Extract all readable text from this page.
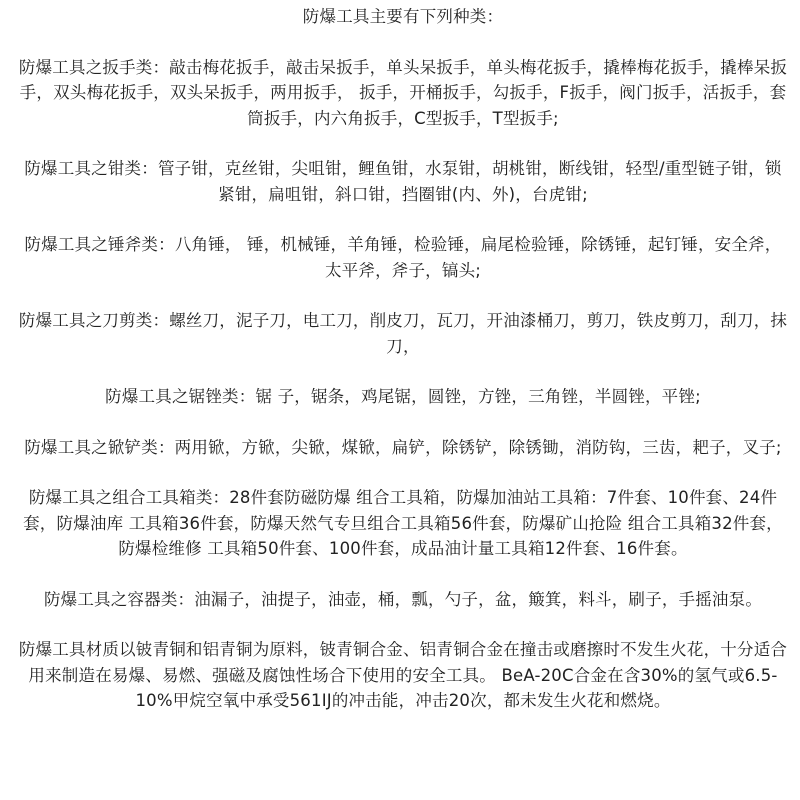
防爆工具主要有下列种类：
防爆工具之扳手类：敲击梅花扳手，敲击呆扳手，单头呆扳手，单头梅花扳手，撬棒梅花扳手，撬棒呆扳手，双头梅花扳手，双头呆扳手，两用扳手， 扳手，开桶扳手，勾扳手，F扳手，阀门扳手，活扳手，套筒扳手，内六角扳手，C型扳手，T型扳手;
防爆工具之钳类：管子钳，克丝钳，尖咀钳，鲤鱼钳，水泵钳，胡桃钳，断线钳，轻型/重型链子钳，锁紧钳，扁咀钳，斜口钳，挡圈钳(内、外)，台虎钳;
防爆工具之锤斧类：八角锤， 锤，机械锤，羊角锤，检验锤，扁尾检验锤，除锈锤，起钉锤，安全斧，太平斧，斧子，镐头;
防爆工具之刀剪类：螺丝刀，泥子刀，电工刀，削皮刀，瓦刀，开油漆桶刀，剪刀，铁皮剪刀，刮刀，抹刀，
防爆工具之锯锉类：锯 子，锯条，鸡尾锯，圆锉，方锉，三角锉，半圆锉，平锉;
防爆工具之锨铲类：两用锨，方锨，尖锨，煤锨，扁铲，除锈铲，除锈锄，消防钩，三齿，耙子，叉子;
防爆工具之组合工具箱类：28件套防磁防爆 组合工具箱，防爆加油站工具箱：7件套、10件套、24件套，防爆油库 工具箱36件套，防爆天然气专旦组合工具箱56件套，防爆矿山抢险 组合工具箱32件套，防爆检维修 工具箱50件套、100件套，成品油计量工具箱12件套、16件套。
防爆工具之容器类：油漏子，油提子，油壶，桶，瓢，勺子，盆，簸箕，料斗，刷子，手摇油泵。
防爆工具材质以铍青铜和铝青铜为原料，铍青铜合金、铝青铜合金在撞击或磨擦时不发生火花，十分适合用来制造在易爆、易燃、强磁及腐蚀性场合下使用的安全工具。 BeA-20C合金在含30%的氢气或6.5-10%甲烷空氧中承受561IJ的冲击能，冲击20次，都未发生火花和燃烧。
